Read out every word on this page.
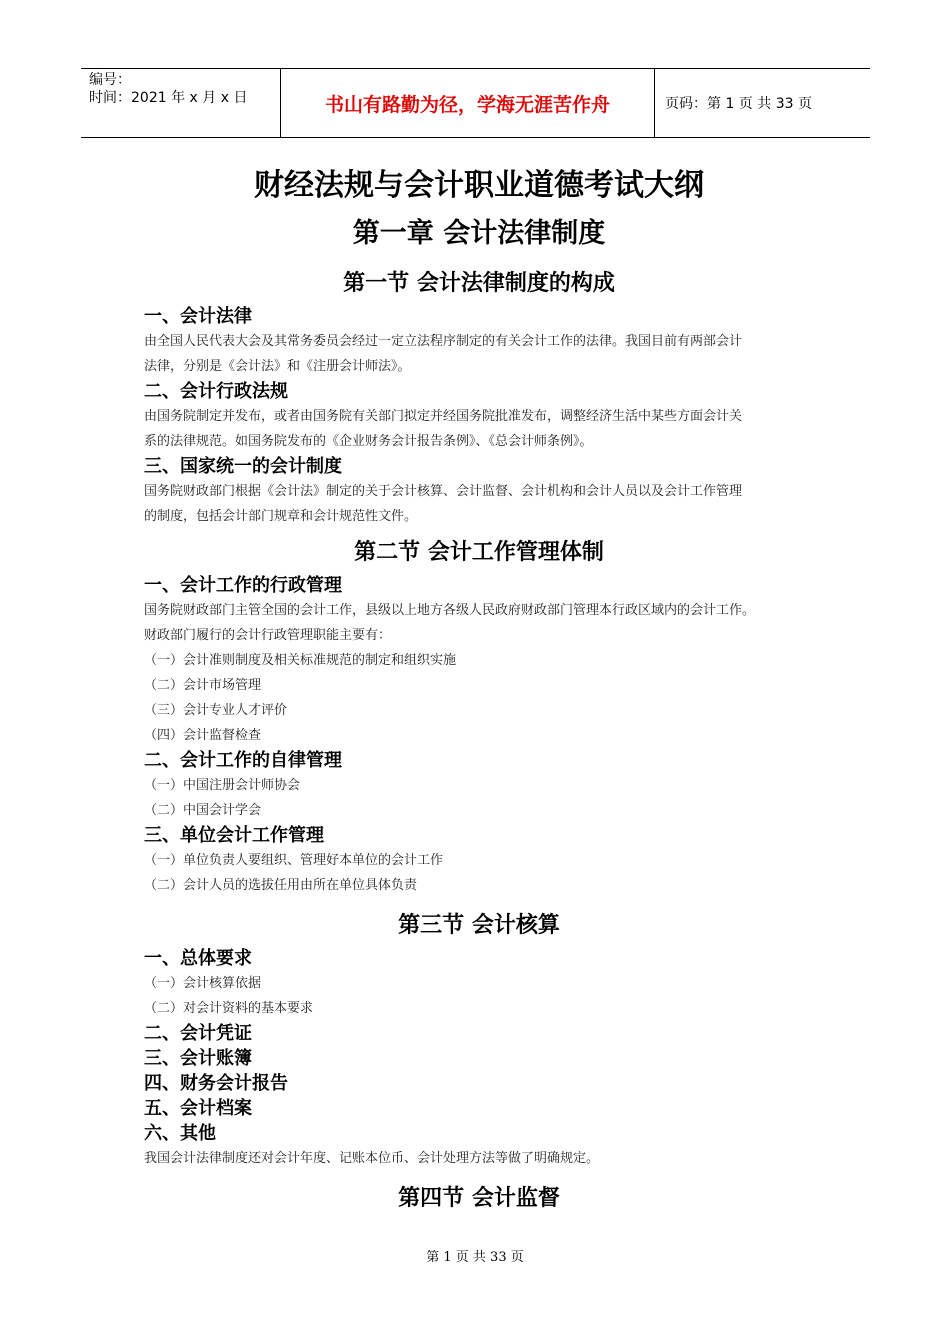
编号：
时间：2021 年 x 月 x 日	书山有路勤为径，学海无涯苦作舟	页码：第 1 页 共 33 页
财经法规与会计职业道德考试大纲
第一章 会计法律制度
第一节 会计法律制度的构成
一、会计法律

由全国人民代表大会及其常务委员会经过一定立法程序制定的有关会计工作的法律。我国目前有两部会计

法律，分别是《会计法》和《注册会计师法》。

二、会计行政法规

由国务院制定并发布，或者由国务院有关部门拟定并经国务院批准发布，调整经济生活中某些方面会计关

系的法律规范。如国务院发布的《企业财务会计报告条例》、《总会计师条例》。

三、国家统一的会计制度

国务院财政部门根据《会计法》制定的关于会计核算、会计监督、会计机构和会计人员以及会计工作管理

的制度，包括会计部门规章和会计规范性文件。

第二节 会计工作管理体制
一、会计工作的行政管理

国务院财政部门主管全国的会计工作，县级以上地方各级人民政府财政部门管理本行政区域内的会计工作。

财政部门履行的会计行政管理职能主要有：

（一）会计准则制度及相关标准规范的制定和组织实施

（二）会计市场管理

（三）会计专业人才评价

（四）会计监督检查

二、会计工作的自律管理

（一）中国注册会计师协会

（二）中国会计学会

三、单位会计工作管理

（一）单位负责人要组织、管理好本单位的会计工作

（二）会计人员的选拔任用由所在单位具体负责

第三节 会计核算
一、总体要求

（一）会计核算依据

（二）对会计资料的基本要求

二、会计凭证
三、会计账簿
四、财务会计报告
五、会计档案
六、其他

我国会计法律制度还对会计年度、记账本位币、会计处理方法等做了明确规定。

第四节 会计监督
第 1 页 共 33 页
